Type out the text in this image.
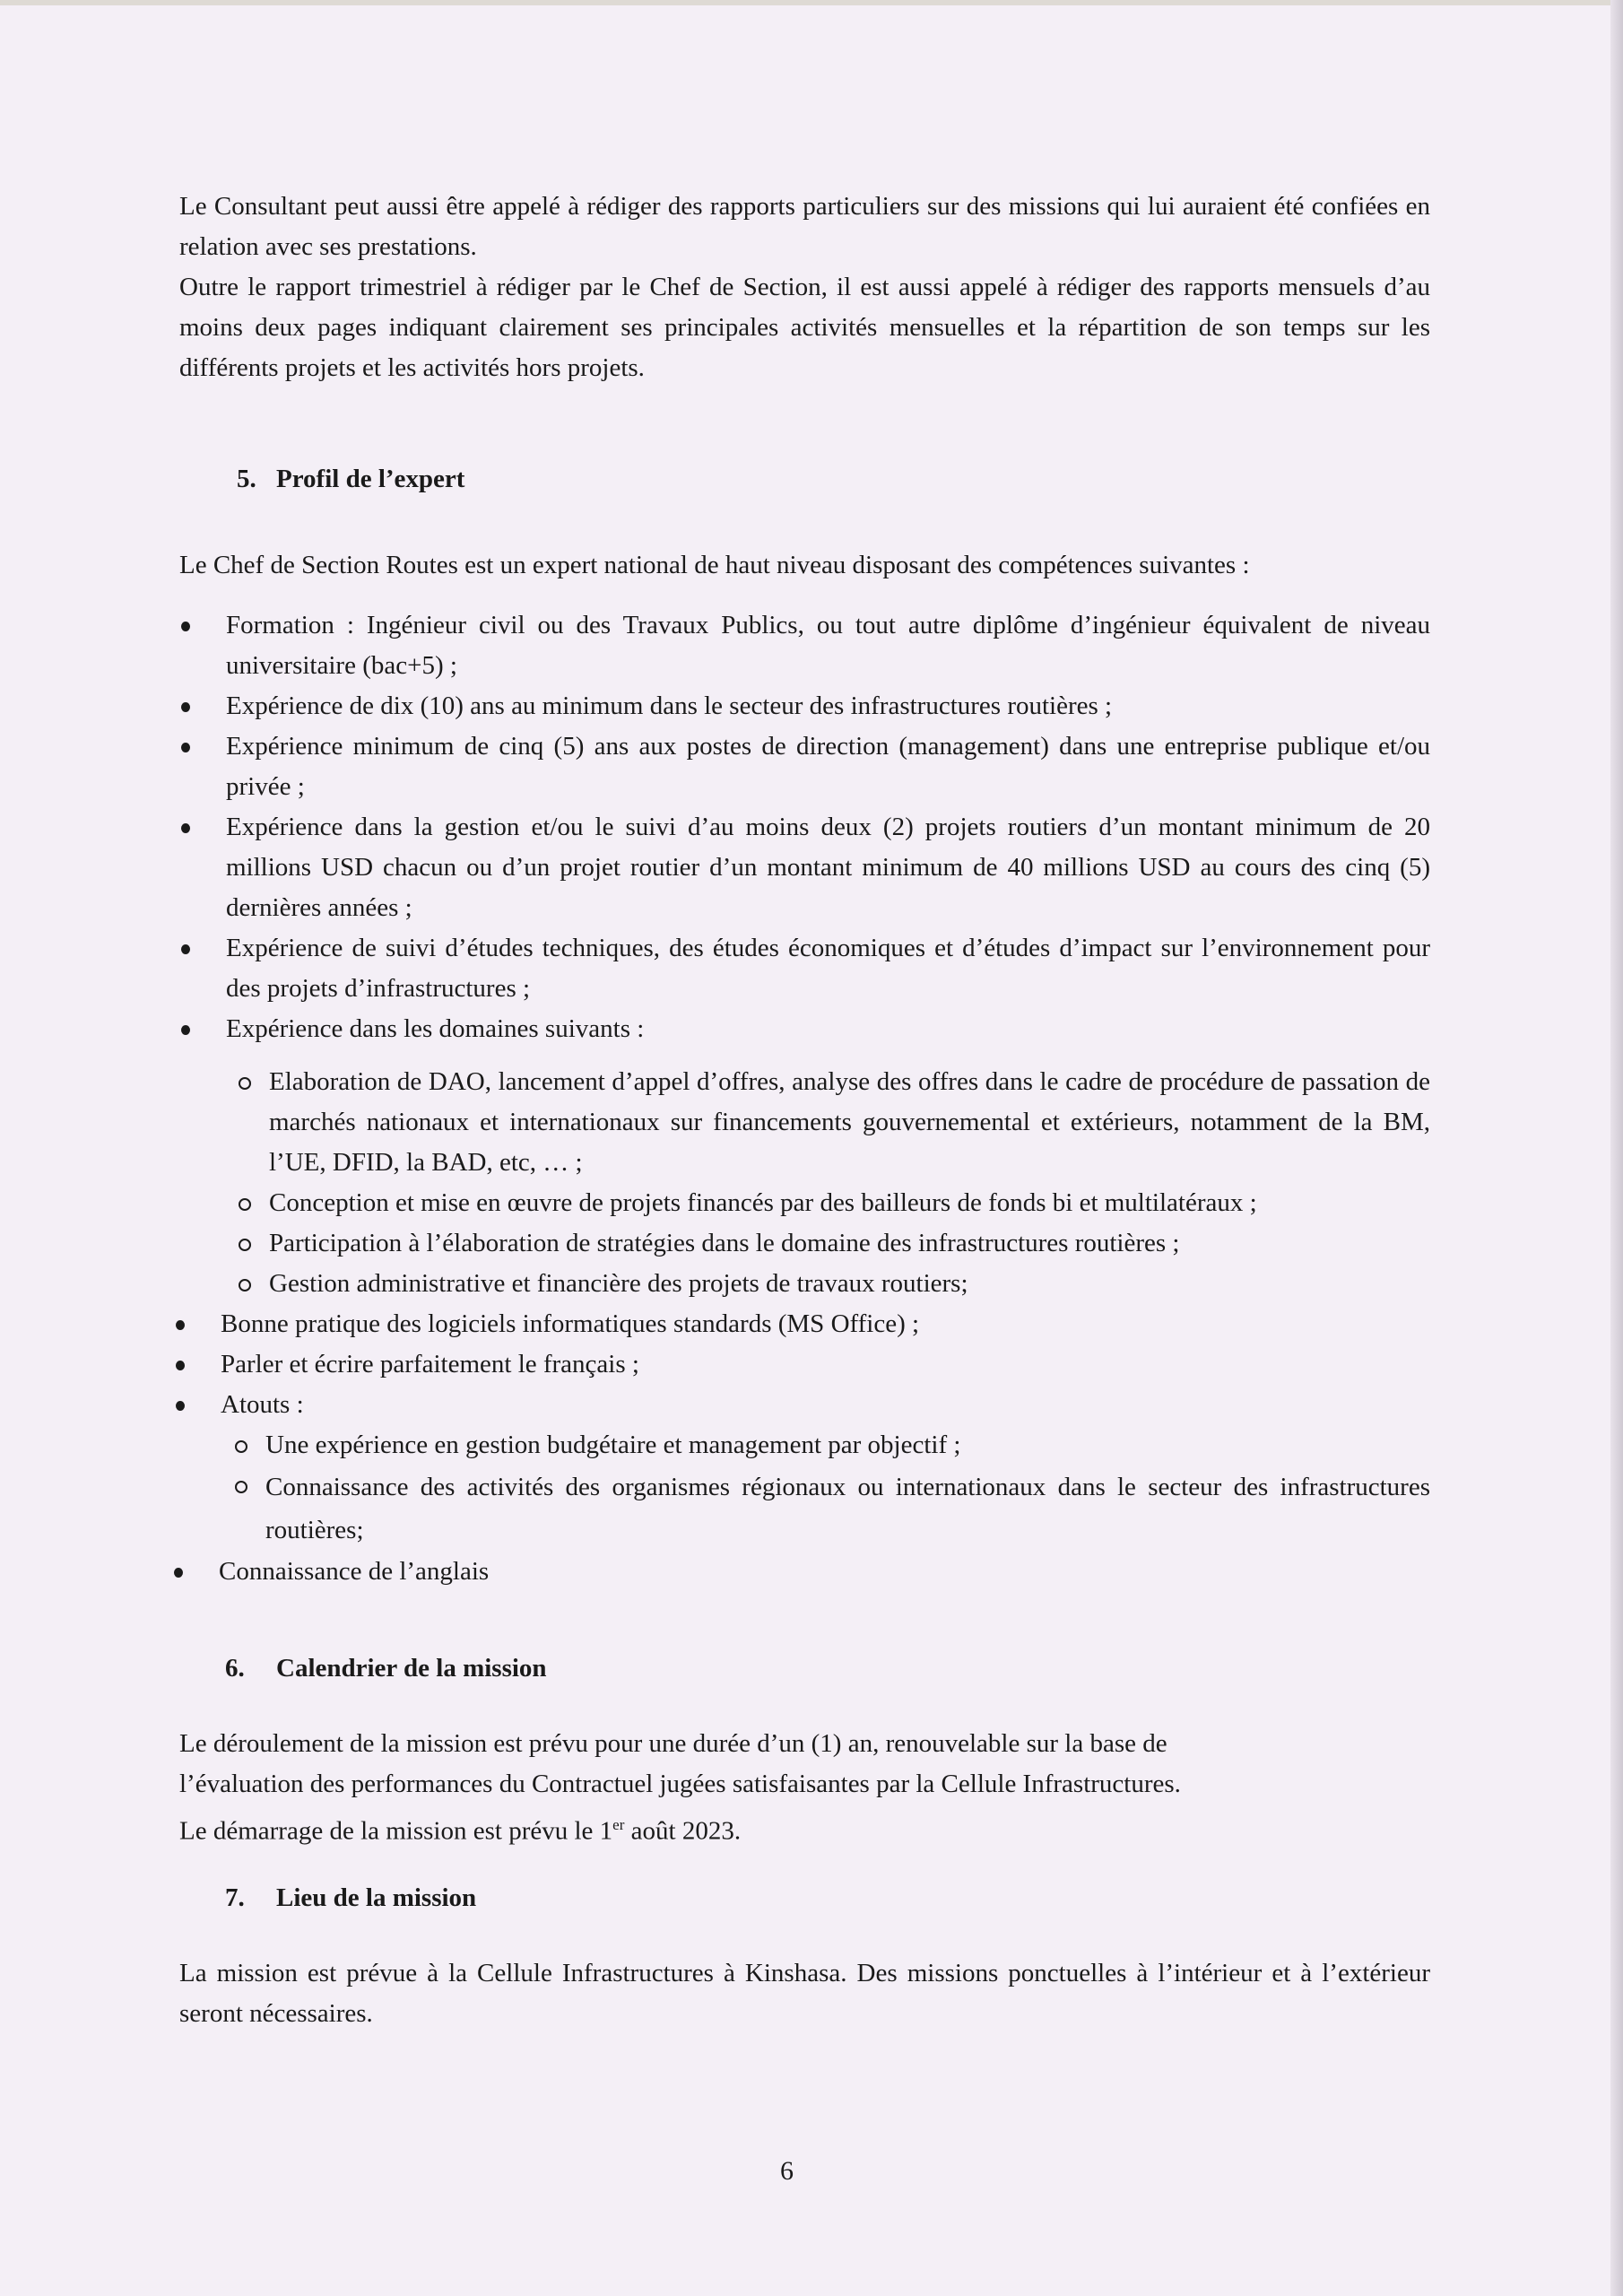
Le Consultant peut aussi être appelé à rédiger des rapports particuliers sur des missions qui lui auraient été confiées en relation avec ses prestations.

Outre le rapport trimestriel à rédiger par le Chef de Section, il est aussi appelé à rédiger des rapports mensuels d’au moins deux pages indiquant clairement ses principales activités mensuelles et la répartition de son temps sur les différents projets et les activités hors projets.

5. Profil de l’expert

Le Chef de Section Routes est un expert national de haut niveau disposant des compétences suivantes :

Formation : Ingénieur civil ou des Travaux Publics, ou tout autre diplôme d’ingénieur équivalent de niveau universitaire (bac+5) ;
Expérience de dix (10) ans au minimum dans le secteur des infrastructures routières ;
Expérience minimum de cinq (5) ans aux postes de direction (management) dans une entreprise publique et/ou privée ;
Expérience dans la gestion et/ou le suivi d’au moins deux (2) projets routiers d’un montant minimum de 20 millions USD chacun ou d’un projet routier d’un montant minimum de 40 millions USD au cours des cinq (5) dernières années ;
Expérience de suivi d’études techniques, des études économiques et d’études d’impact sur l’environnement pour des projets d’infrastructures ;
Expérience dans les domaines suivants :
Elaboration de DAO, lancement d’appel d’offres, analyse des offres dans le cadre de procédure de passation de marchés nationaux et internationaux sur financements gouvernemental et extérieurs, notamment de la BM, l’UE, DFID, la BAD, etc, … ;
Conception et mise en œuvre de projets financés par des bailleurs de fonds bi et multilatéraux ;
Participation à l’élaboration de stratégies dans le domaine des infrastructures routières ;
Gestion administrative et financière des projets de travaux routiers;
Bonne pratique des logiciels informatiques standards (MS Office) ;
Parler et écrire parfaitement le français ;
Atouts :
Une expérience en gestion budgétaire et management par objectif ;
Connaissance des activités des organismes régionaux ou internationaux dans le secteur des infrastructures routières;
Connaissance de l’anglais
6. Calendrier de la mission
Le déroulement de la mission est prévu pour une durée d’un (1) an, renouvelable sur la base de
l’évaluation des performances du Contractuel jugées satisfaisantes par la Cellule Infrastructures.
Le démarrage de la mission est prévu le 1er août 2023.
7. Lieu de la mission

La mission est prévue à la Cellule Infrastructures à Kinshasa. Des missions ponctuelles à l’intérieur et à l’extérieur seront nécessaires.

6
